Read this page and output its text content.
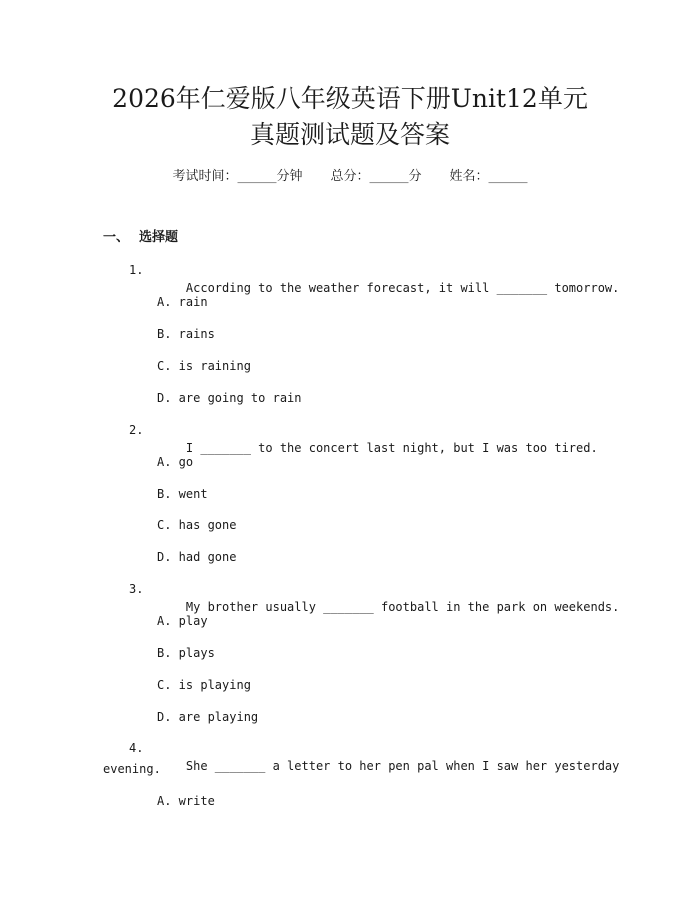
2026年仁爱版八年级英语下册Unit12单元
真题测试题及答案
考试时间：______分钟 总分：______分 姓名：______
一、 选择题

1.
According to the weather forecast, it will _______ tomorrow.

A. rain
B. rains
C. is raining
D. are going to rain

2.
I _______ to the concert last night, but I was too tired.

A. go
B. went
C. has gone
D. had gone

3.
My brother usually _______ football in the park on weekends.

A. play
B. plays
C. is playing
D. are playing

4.
She _______ a letter to her pen pal when I saw her yesterday

evening.
A. write
